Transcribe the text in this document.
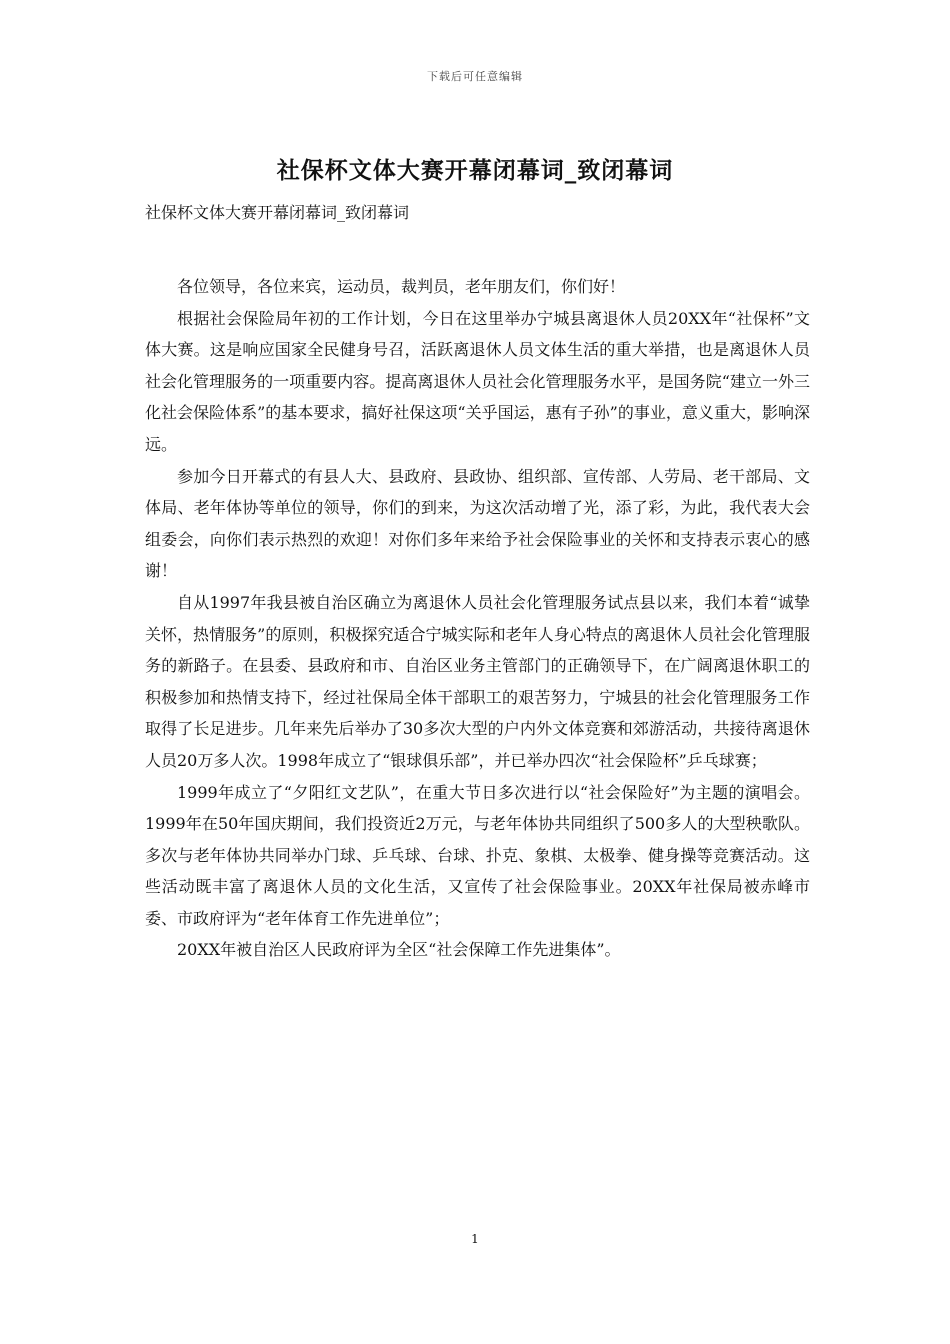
下载后可任意编辑
社保杯文体大赛开幕闭幕词_致闭幕词
社保杯文体大赛开幕闭幕词_致闭幕词

各位领导，各位来宾，运动员，裁判员，老年朋友们，你们好！

根据社会保险局年初的工作计划，今日在这里举办宁城县离退休人员20XX年“社保杯”文体大赛。这是响应国家全民健身号召，活跃离退休人员文体生活的重大举措，也是离退休人员社会化管理服务的一项重要内容。提高离退休人员社会化管理服务水平，是国务院“建立一外三化社会保险体系”的基本要求，搞好社保这项“关乎国运，惠有子孙”的事业，意义重大，影响深远。

参加今日开幕式的有县人大、县政府、县政协、组织部、宣传部、人劳局、老干部局、文体局、老年体协等单位的领导，你们的到来，为这次活动增了光，添了彩，为此，我代表大会组委会，向你们表示热烈的欢迎！对你们多年来给予社会保险事业的关怀和支持表示衷心的感谢！

自从1997年我县被自治区确立为离退休人员社会化管理服务试点县以来，我们本着“诚挚关怀，热情服务”的原则，积极探究适合宁城实际和老年人身心特点的离退休人员社会化管理服务的新路子。在县委、县政府和市、自治区业务主管部门的正确领导下，在广阔离退休职工的积极参加和热情支持下，经过社保局全体干部职工的艰苦努力，宁城县的社会化管理服务工作取得了长足进步。几年来先后举办了30多次大型的户内外文体竞赛和郊游活动，共接待离退休人员20万多人次。1998年成立了“银球俱乐部”，并已举办四次“社会保险杯”乒乓球赛；

1999年成立了“夕阳红文艺队”，在重大节日多次进行以“社会保险好”为主题的演唱会。1999年在50年国庆期间，我们投资近2万元，与老年体协共同组织了500多人的大型秧歌队。多次与老年体协共同举办门球、乒乓球、台球、扑克、象棋、太极拳、健身操等竞赛活动。这些活动既丰富了离退休人员的文化生活，又宣传了社会保险事业。20XX年社保局被赤峰市委、市政府评为“老年体育工作先进单位”；

20XX年被自治区人民政府评为全区“社会保障工作先进集体”。

1
